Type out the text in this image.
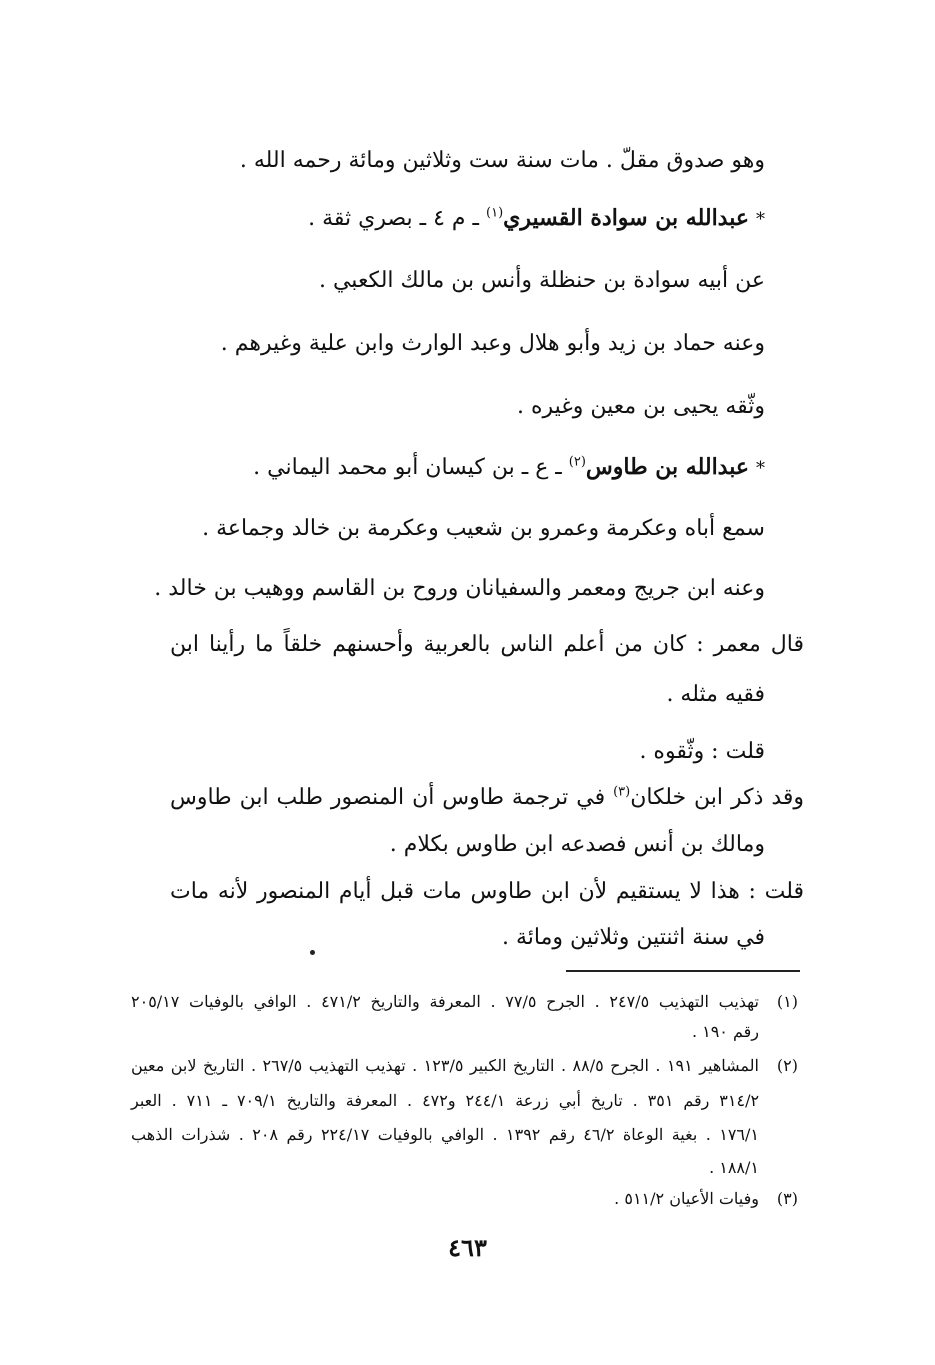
وهو صدوق مقلّ . مات سنة ست وثلاثين ومائة رحمه الله .
* عبدالله بن سوادة القسيري$^{(١)}$ ـ م ٤ ـ بصري ثقة .
عن أبيه سوادة بن حنظلة وأنس بن مالك الكعبي .
وعنه حماد بن زيد وأبو هلال وعبد الوارث وابن علية وغيرهم .
وثّقه يحيى بن معين وغيره .
* عبدالله بن طاوس$^{(٢)}$ ـ ع ـ بن كيسان أبو محمد اليماني .
سمع أباه وعكرمة وعمرو بن شعيب وعكرمة بن خالد وجماعة .
وعنه ابن جريج ومعمر والسفيانان وروح بن القاسم ووهيب بن خالد .
قال معمر : كان من أعلم الناس بالعربية وأحسنهم خلقاً ما رأينا ابن
فقيه مثله .
قلت : وثّقوه .
وقد ذكر ابن خلكان$^{(٣)}$ في ترجمة طاوس أن المنصور طلب ابن طاوس
ومالك بن أنس فصدعه ابن طاوس بكلام .
قلت : هذا لا يستقيم لأن ابن طاوس مات قبل أيام المنصور لأنه مات
في سنة اثنتين وثلاثين ومائة .
(١)
تهذيب التهذيب ٢٤٧/٥ . الجرح ٧٧/٥ . المعرفة والتاريخ ٤٧١/٢ . الوافي بالوفيات ٢٠٥/١٧
رقم ١٩٠ .
(٢)
المشاهير ١٩١ . الجرح ٨٨/٥ . التاريخ الكبير ١٢٣/٥ . تهذيب التهذيب ٢٦٧/٥ . التاريخ لابن معين
٣١٤/٢ رقم ٣٥١ . تاريخ أبي زرعة ٢٤٤/١ و٤٧٢ . المعرفة والتاريخ ٧٠٩/١ ـ ٧١١ . العبر
١٧٦/١ . بغية الوعاة ٤٦/٢ رقم ١٣٩٢ . الوافي بالوفيات ٢٢٤/١٧ رقم ٢٠٨ . شذرات الذهب
١٨٨/١ .
(٣)
وفيات الأعيان ٥١١/٢ .
٤٦٣
